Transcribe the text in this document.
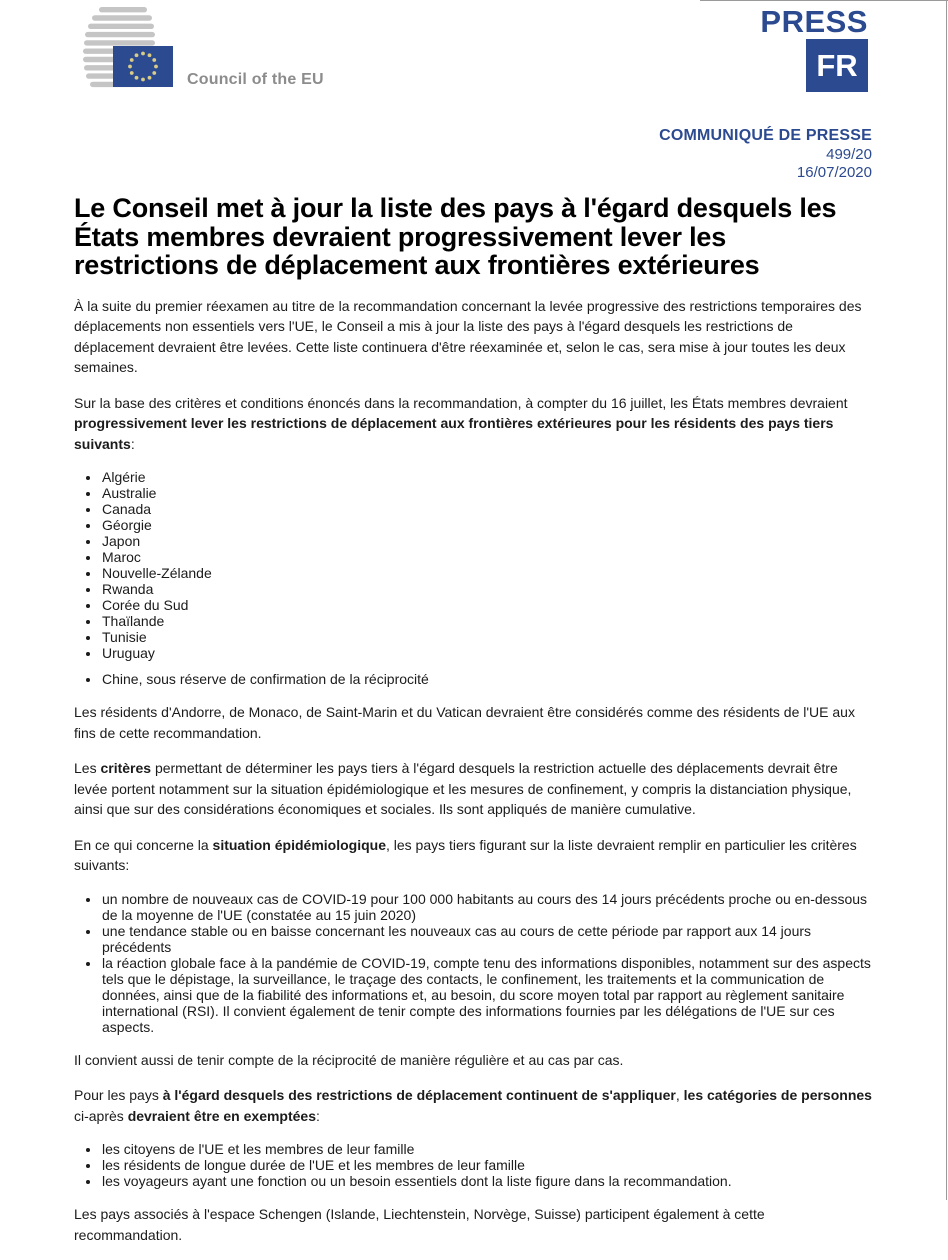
Council of the EU
PRESS
FR
COMMUNIQUÉ DE PRESSE
499/20
16/07/2020
Le Conseil met à jour la liste des pays à l'égard desquels les États membres devraient progressivement lever les restrictions de déplacement aux frontières extérieures

À la suite du premier réexamen au titre de la recommandation concernant la levée progressive des restrictions temporaires des déplacements non essentiels vers l'UE, le Conseil a mis à jour la liste des pays à l'égard desquels les restrictions de déplacement devraient être levées. Cette liste continuera d'être réexaminée et, selon le cas, sera mise à jour toutes les deux semaines.

Sur la base des critères et conditions énoncés dans la recommandation, à compter du 16 juillet, les États membres devraient progressivement lever les restrictions de déplacement aux frontières extérieures pour les résidents des pays tiers suivants:

• Algérie
• Australie
• Canada
• Géorgie
• Japon
• Maroc
• Nouvelle-Zélande
• Rwanda
• Corée du Sud
• Thaïlande
• Tunisie
• Uruguay
• Chine, sous réserve de confirmation de la réciprocité

Les résidents d'Andorre, de Monaco, de Saint-Marin et du Vatican devraient être considérés comme des résidents de l'UE aux fins de cette recommandation.

Les critères permettant de déterminer les pays tiers à l'égard desquels la restriction actuelle des déplacements devrait être levée portent notamment sur la situation épidémiologique et les mesures de confinement, y compris la distanciation physique, ainsi que sur des considérations économiques et sociales. Ils sont appliqués de manière cumulative.

En ce qui concerne la situation épidémiologique, les pays tiers figurant sur la liste devraient remplir en particulier les critères suivants:

• un nombre de nouveaux cas de COVID-19 pour 100 000 habitants au cours des 14 jours précédents proche ou en-dessous de la moyenne de l'UE (constatée au 15 juin 2020)
• une tendance stable ou en baisse concernant les nouveaux cas au cours de cette période par rapport aux 14 jours précédents
• la réaction globale face à la pandémie de COVID-19, compte tenu des informations disponibles, notamment sur des aspects tels que le dépistage, la surveillance, le traçage des contacts, le confinement, les traitements et la communication de données, ainsi que de la fiabilité des informations et, au besoin, du score moyen total par rapport au règlement sanitaire international (RSI). Il convient également de tenir compte des informations fournies par les délégations de l'UE sur ces aspects.

Il convient aussi de tenir compte de la réciprocité de manière régulière et au cas par cas.

Pour les pays à l'égard desquels des restrictions de déplacement continuent de s'appliquer, les catégories de personnes ci-après devraient être en exemptées:

• les citoyens de l'UE et les membres de leur famille
• les résidents de longue durée de l'UE et les membres de leur famille
• les voyageurs ayant une fonction ou un besoin essentiels dont la liste figure dans la recommandation.

Les pays associés à l'espace Schengen (Islande, Liechtenstein, Norvège, Suisse) participent également à cette recommandation.
